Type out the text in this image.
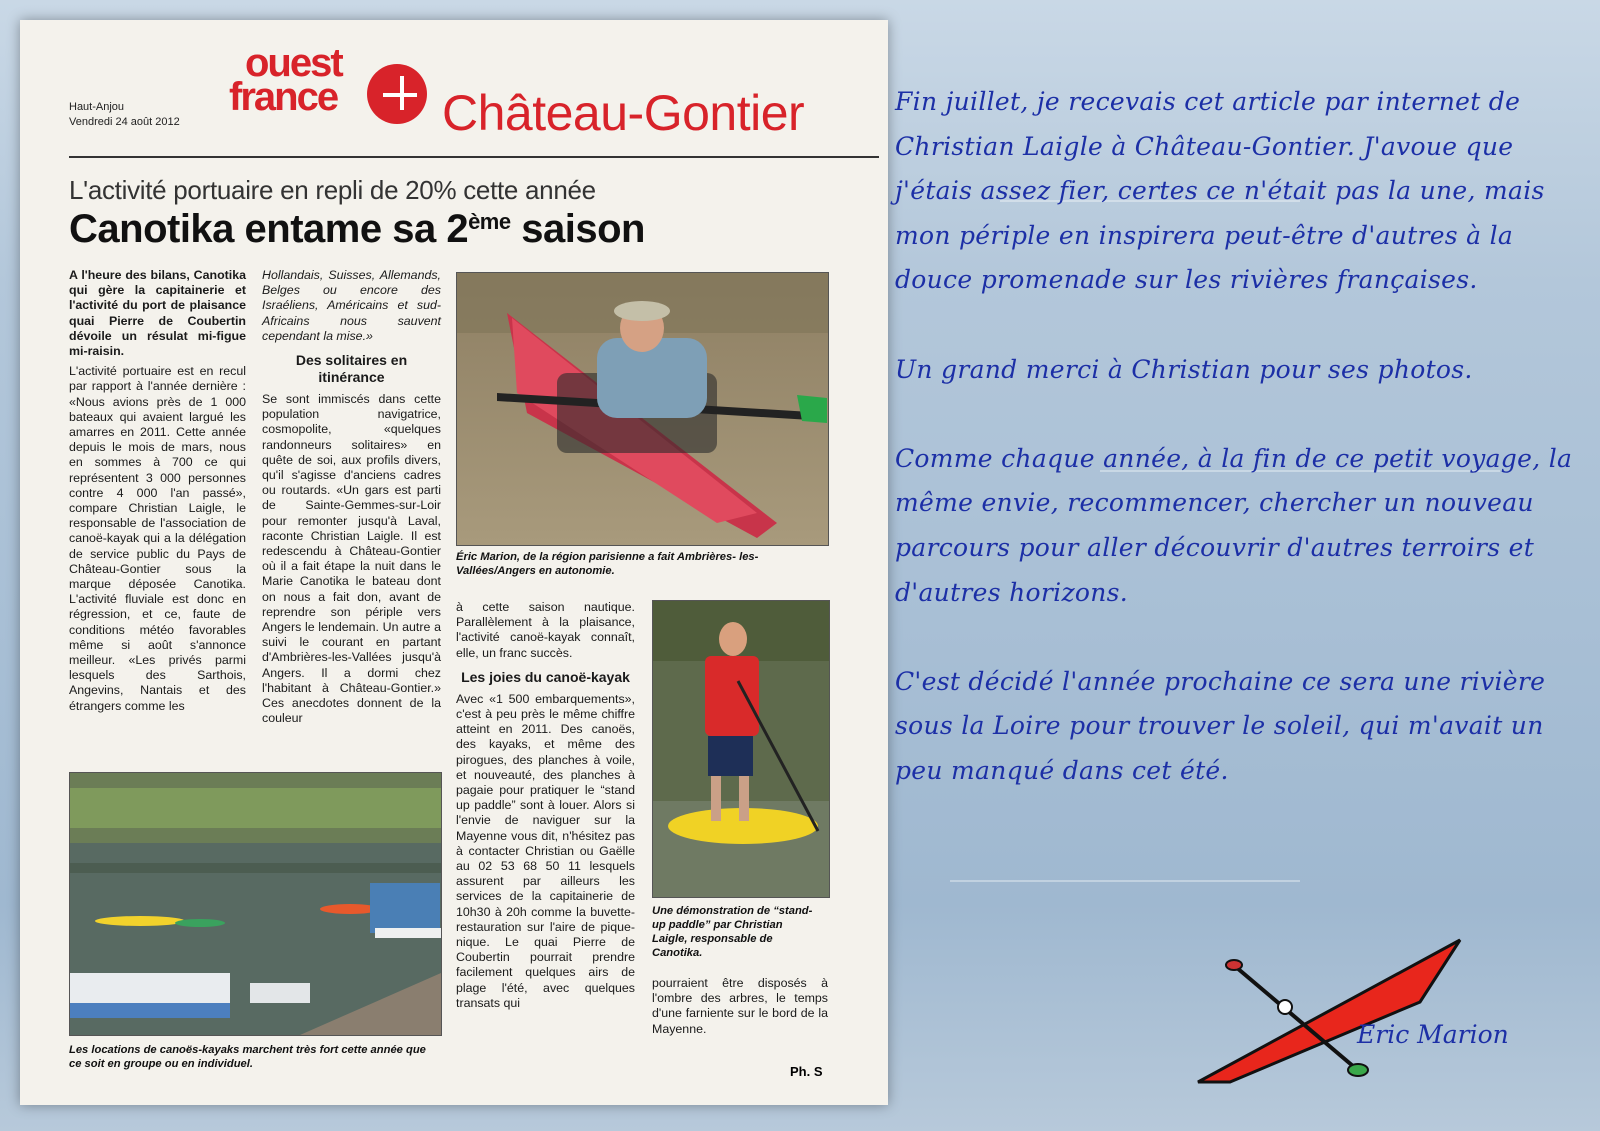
ouest
france
Haut-Anjou
Vendredi 24 août 2012	Château-Gontier
L'activité portuaire en repli de 20% cette année
Canotika entame sa 2ème saison

A l'heure des bilans, Canotika qui gère la capitainerie et l'activité du port de plaisance quai Pierre de Coubertin dévoile un résulat mi-figue mi-raisin.

L'activité portuaire est en recul par rapport à l'année dernière : «Nous avions près de 1 000 bateaux qui avaient largué les amarres en 2011. Cette année depuis le mois de mars, nous en sommes à 700 ce qui représentent 3 000 personnes contre 4 000 l'an passé», compare Christian Laigle, le responsable de l'association de canoë-kayak qui a la délégation de service public du Pays de Château-Gontier sous la marque déposée Canotika. L'activité fluviale est donc en régression, et ce, faute de conditions météo favorables même si août s'annonce meilleur. «Les privés parmi lesquels des Sarthois, Angevins, Nantais et des étrangers comme les

Hollandais, Suisses, Allemands, Belges ou encore des Israéliens, Américains et sud-Africains nous sauvent cependant la mise.»

Des solitaires en itinérance

Se sont immiscés dans cette population navigatrice, cosmopolite, «quelques randonneurs solitaires» en quête de soi, aux profils divers, qu'il s'agisse d'anciens cadres ou routards. «Un gars est parti de Sainte-Gemmes-sur-Loir pour remonter jusqu'à Laval, raconte Christian Laigle. Il est redescendu à Château-Gontier où il a fait étape la nuit dans le Marie Canotika le bateau dont on nous a fait don, avant de reprendre son périple vers Angers le lendemain. Un autre a suivi le courant en partant d'Ambrières-les-Vallées jusqu'à Angers. Il a dormi chez l'habitant à Château-Gontier.» Ces anecdotes donnent de la couleur

Éric Marion, de la région parisienne a fait Ambrières- les-Vallées/Angers en autonomie.

à cette saison nautique. Parallèlement à la plaisance, l'activité canoë-kayak connaît, elle, un franc succès.

Les joies du canoë-kayak

Avec «1 500 embarquements», c'est à peu près le même chiffre atteint en 2011. Des canoës, des kayaks, et même des pirogues, des planches à voile, et nouveauté, des planches à pagaie pour pratiquer le “stand up paddle” sont à louer. Alors si l'envie de naviguer sur la Mayenne vous dit, n'hésitez pas à contacter Christian ou Gaëlle au 02 53 68 50 11 lesquels assurent par ailleurs les services de la capitainerie de 10h30 à 20h comme la buvette-restauration sur l'aire de pique-nique. Le quai Pierre de Coubertin pourrait prendre facilement quelques airs de plage l'été, avec quelques transats qui

Une démonstration de “stand-up paddle” par Christian Laigle, responsable de Canotika.

pourraient être disposés à l'ombre des arbres, le temps d'une farniente sur le bord de la Mayenne.

Les locations de canoës-kayaks marchent très fort cette année que ce soit en groupe ou en individuel.	Ph. S

Fin juillet, je recevais cet article par internet de Christian Laigle à Château-Gontier. J'avoue que j'étais assez fier, certes ce n'était pas la une, mais mon périple en inspirera peut-être d'autres à la douce promenade sur les rivières françaises.

Un grand merci à Christian pour ses photos.

Comme chaque année, à la fin de ce petit voyage, la même envie, recommencer, chercher un nouveau parcours pour aller découvrir d'autres terroirs et d'autres horizons.

C'est décidé l'année prochaine ce sera une rivière sous la Loire pour trouver le soleil, qui m'avait un peu manqué dans cet été.

Eric Marion
